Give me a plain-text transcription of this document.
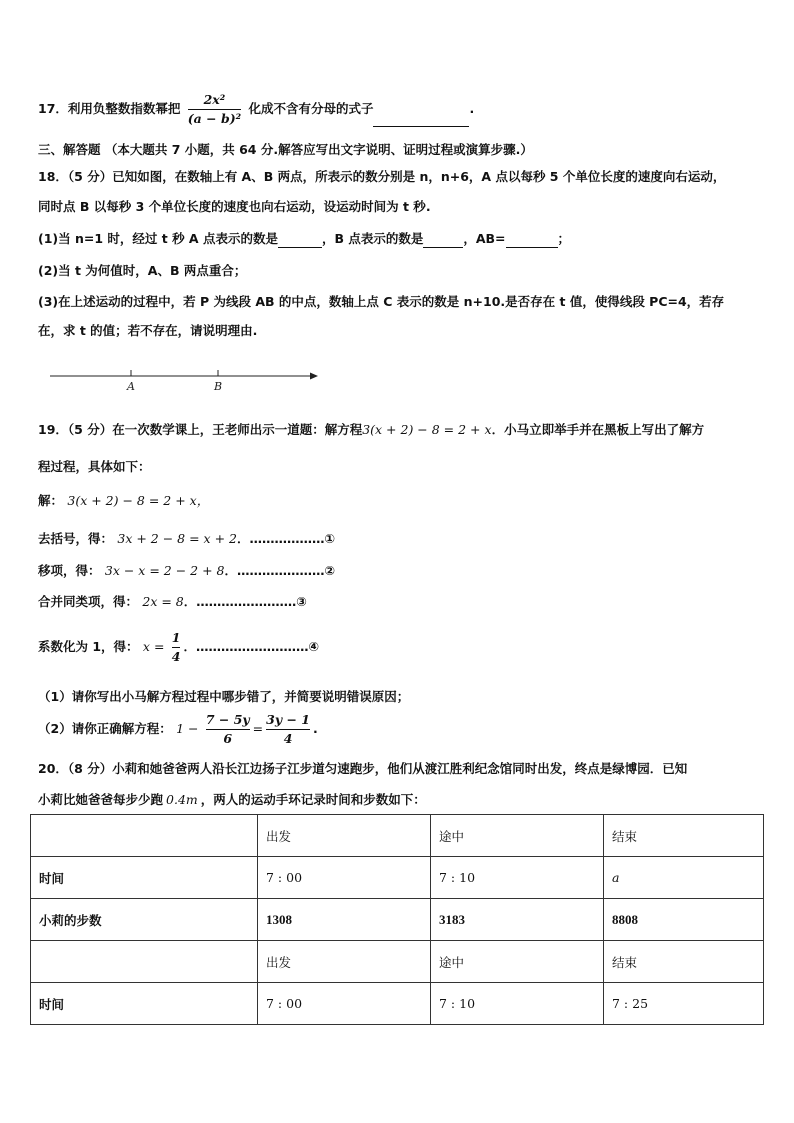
17．利用负整数指数幂把 $\frac{\text{2x²}}{\text{(a − b)²}}$ 化成不含有分母的式子	.
三、解答题 （本大题共 7 小题，共 64 分.解答应写出文字说明、证明过程或演算步骤.）
18．（5 分）已知如图，在数轴上有 A、B 两点，所表示的数分别是 n，n+6，A 点以每秒 5 个单位长度的速度向右运动，
同时点 B 以每秒 3 个单位长度的速度也向右运动，设运动时间为 t 秒.
(1)当 n=1 时，经过 t 秒 A 点表示的数是	，B 点表示的数是	，AB=	；
(2)当 t 为何值时，A、B 两点重合；
(3)在上述运动的过程中，若 P 为线段 AB 的中点，数轴上点 C 表示的数是 n+10.是否存在 t 值，使得线段 PC=4，若存
在，求 t 的值；若不存在，请说明理由.
A	B
19．（5 分）在一次数学课上，王老师出示一道题：解方程3(x + 2) − 8 = 2 + x．小马立即举手并在黑板上写出了解方
程过程，具体如下：
解： 3(x + 2) − 8 = 2 + x，
去括号，得： 3x + 2 − 8 = x + 2．………………①
移项，得： 3x − x = 2 − 2 + 8．…………………②
合并同类项，得： 2x = 8．……………………③
系数化为 1，得： $x = \frac{1}{4}$ ．………………………④
（1）请你写出小马解方程过程中哪步错了，并简要说明错误原因；
（2）请你正确解方程： $1 - \frac{7 - 5y}{6} = \frac{3y - 1}{4}$ .
20．（8 分）小莉和她爸爸两人沿长江边扬子江步道匀速跑步，他们从渡江胜利纪念馆同时出发，终点是绿博园．已知
小莉比她爸爸每步少跑 0.4m ，两人的运动手环记录时间和步数如下：
	出发	途中	结束
时间	7 : 00	7 : 10	a
小莉的步数	1308	3183	8808
	出发	途中	结束
时间	7 : 00	7 : 10	7 : 25
